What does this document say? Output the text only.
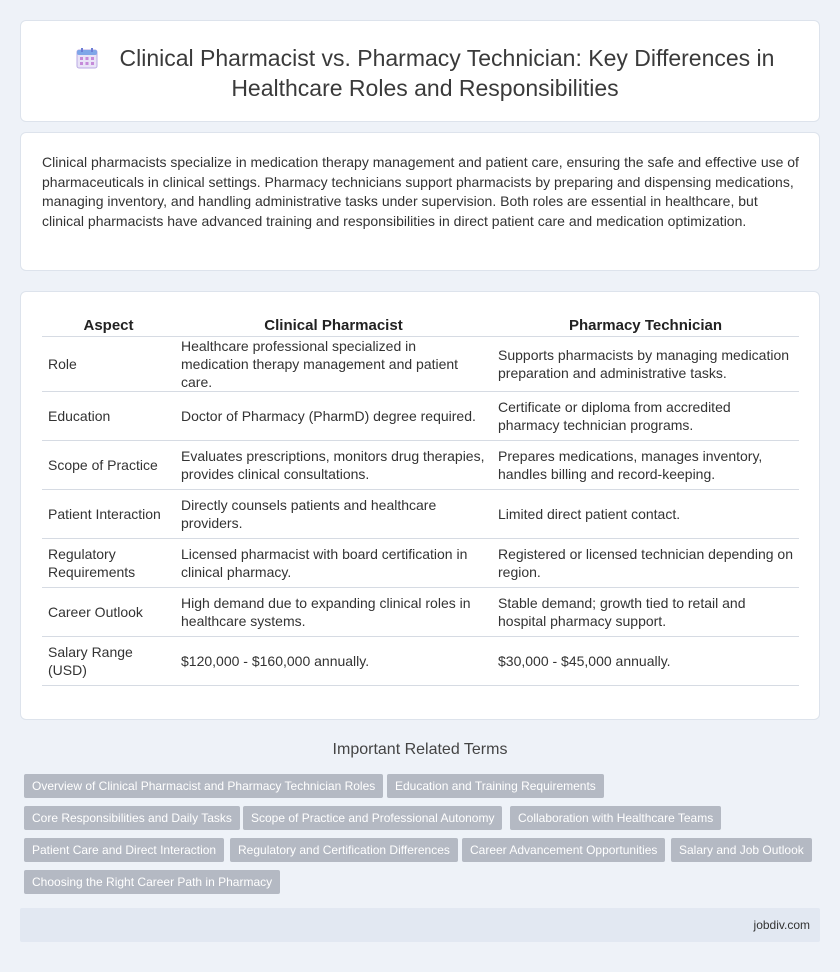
Clinical Pharmacist vs. Pharmacy Technician: Key Differences in Healthcare Roles and Responsibilities

Clinical pharmacists specialize in medication therapy management and patient care, ensuring the safe and effective use of pharmaceuticals in clinical settings. Pharmacy technicians support pharmacists by preparing and dispensing medications, managing inventory, and handling administrative tasks under supervision. Both roles are essential in healthcare, but clinical pharmacists have advanced training and responsibilities in direct patient care and medication optimization.

Aspect	Clinical Pharmacist	Pharmacy Technician
Role	Healthcare professional specialized in medication therapy management and patient care.	Supports pharmacists by managing medication preparation and administrative tasks.
Education	Doctor of Pharmacy (PharmD) degree required.	Certificate or diploma from accredited pharmacy technician programs.
Scope of Practice	Evaluates prescriptions, monitors drug therapies, provides clinical consultations.	Prepares medications, manages inventory, handles billing and record-keeping.
Patient Interaction	Directly counsels patients and healthcare providers.	Limited direct patient contact.
Regulatory Requirements	Licensed pharmacist with board certification in clinical pharmacy.	Registered or licensed technician depending on region.
Career Outlook	High demand due to expanding clinical roles in healthcare systems.	Stable demand; growth tied to retail and hospital pharmacy support.
Salary Range (USD)	$120,000 - $160,000 annually.	$30,000 - $45,000 annually.
Important Related Terms
Overview of Clinical Pharmacist and Pharmacy Technician Roles	Education and Training Requirements
Core Responsibilities and Daily Tasks	Scope of Practice and Professional Autonomy	Collaboration with Healthcare Teams
Patient Care and Direct Interaction	Regulatory and Certification Differences	Career Advancement Opportunities	Salary and Job Outlook
Choosing the Right Career Path in Pharmacy
jobdiv.com
